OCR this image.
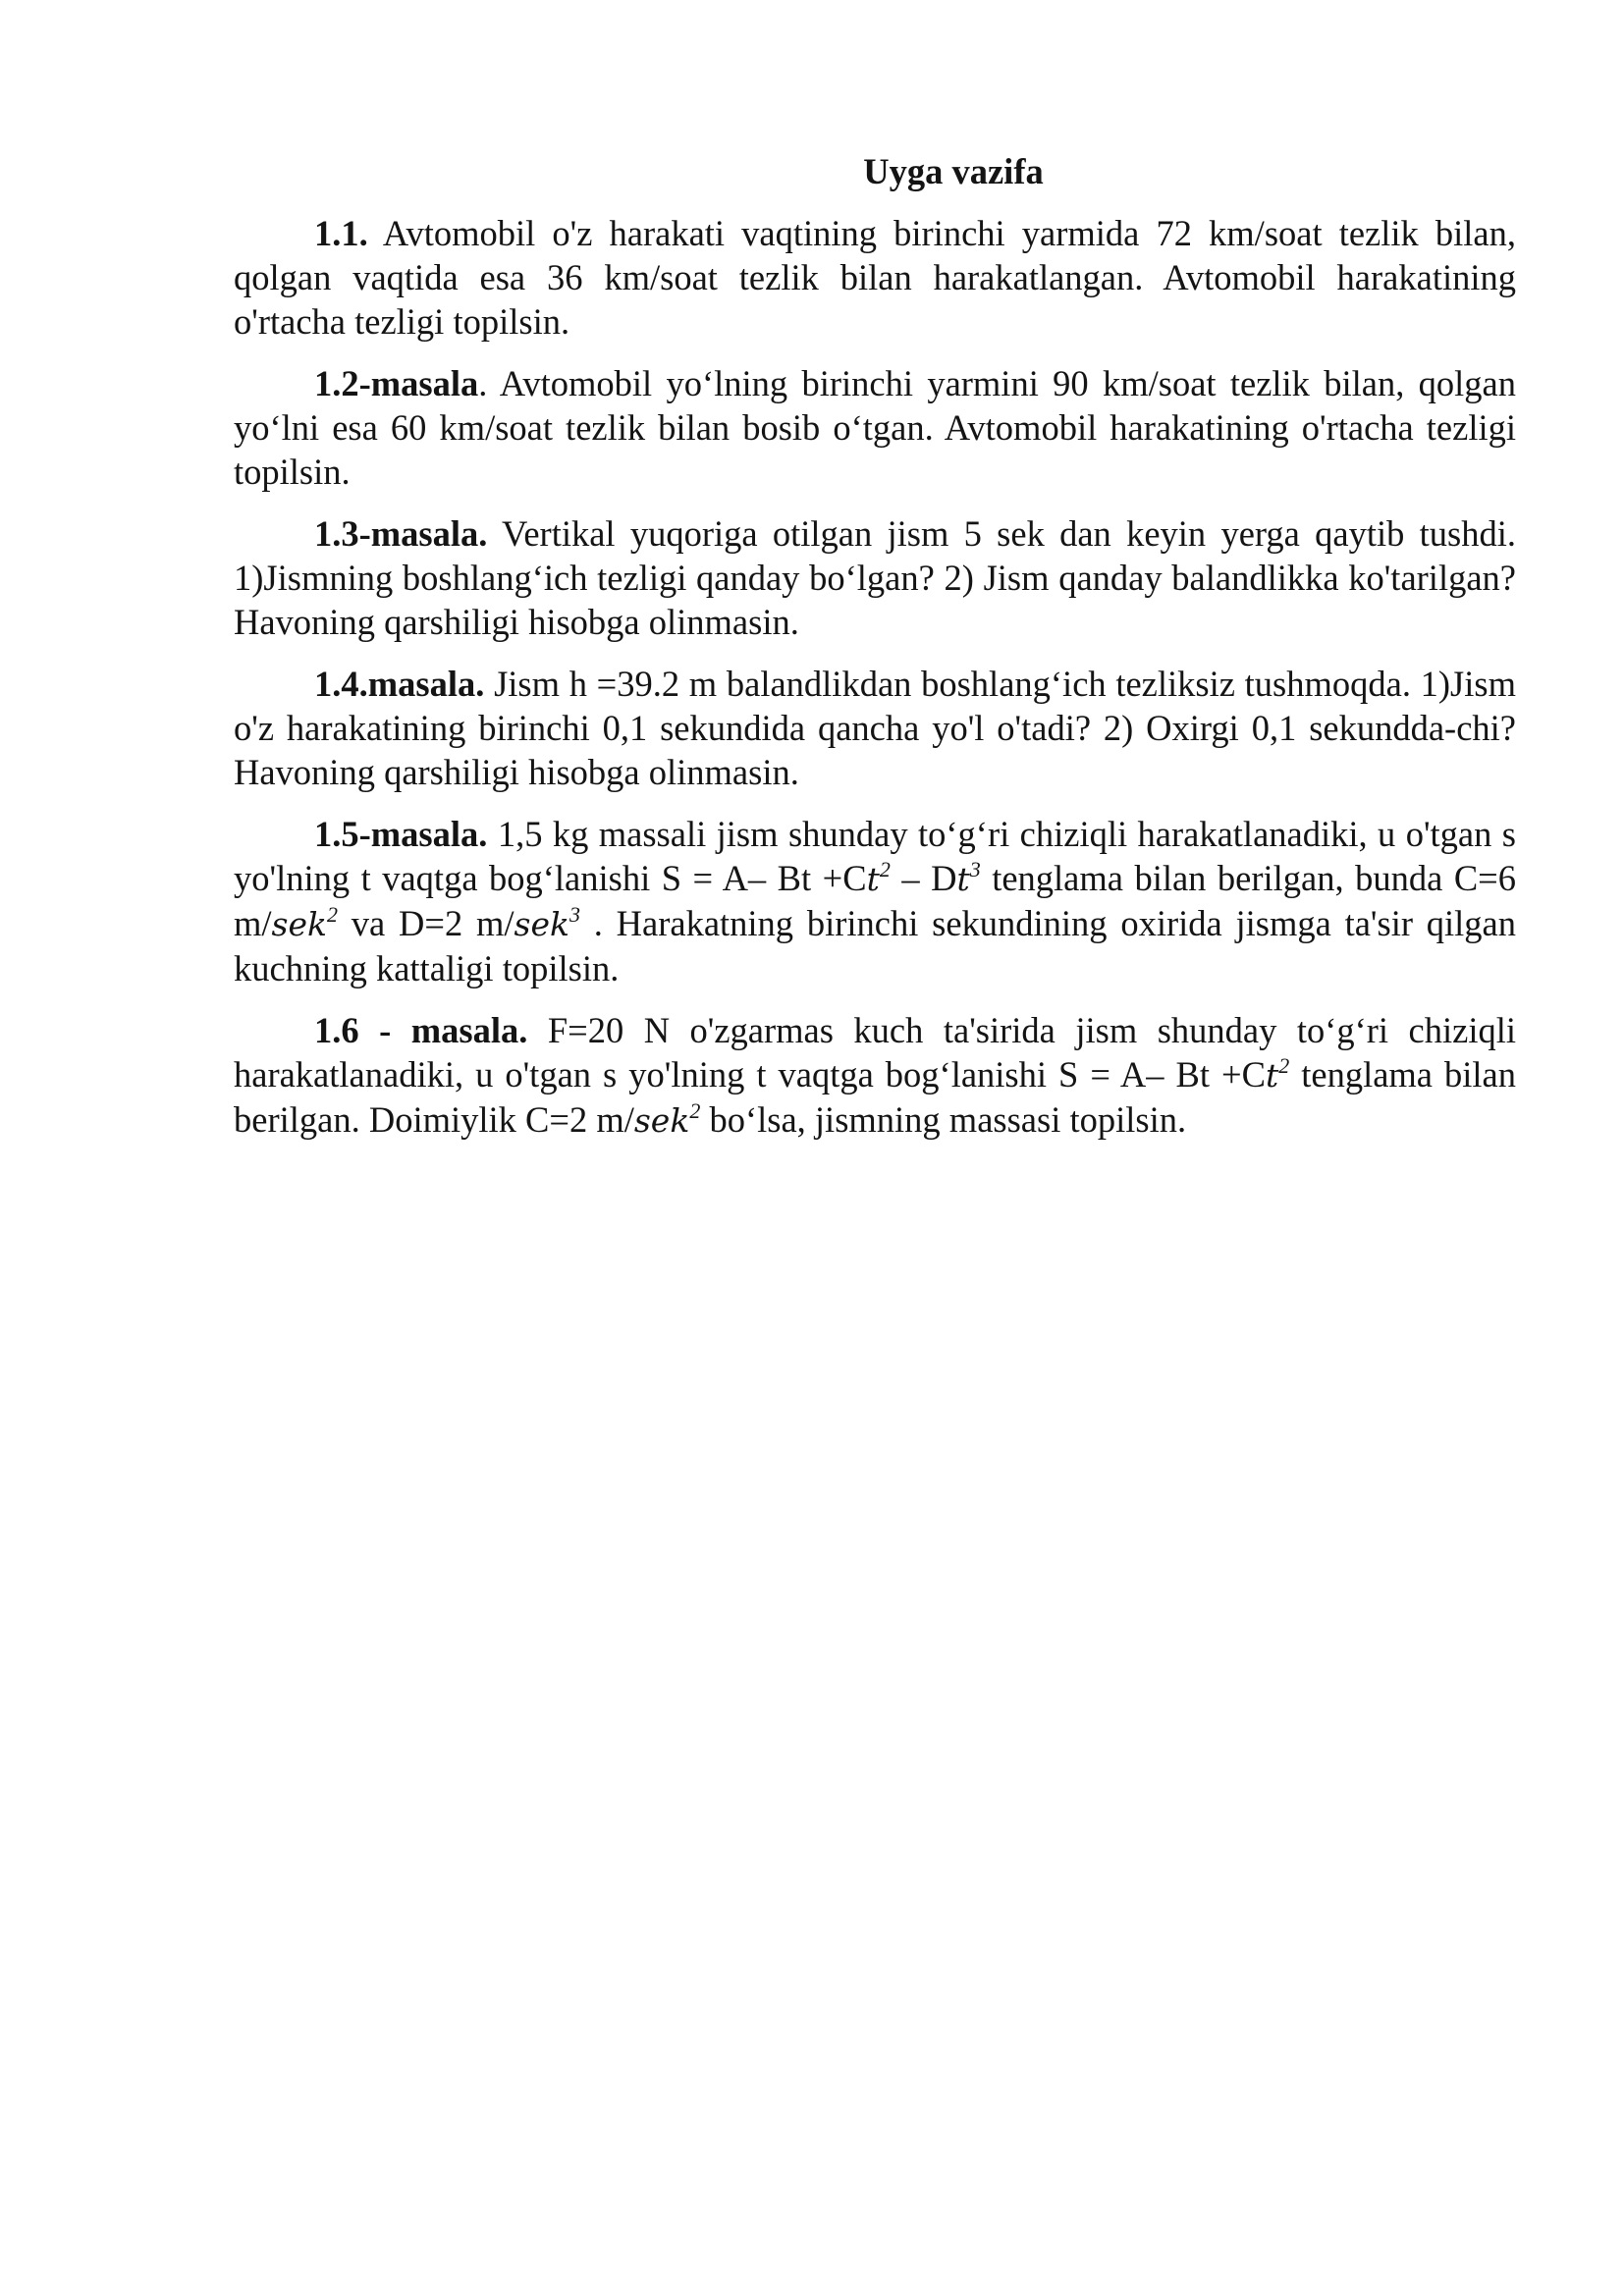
Uyga vazifa

1.1. Avtomobil o'z harakati vaqtining birinchi yarmida 72 km/soat tezlik bilan, qolgan vaqtida esa 36 km/soat tezlik bilan harakatlangan. Avtomobil harakatining o'rtacha tezligi topilsin.

1.2-masala. Avtomobil yo‘lning birinchi yarmini 90 km/soat tezlik bilan, qolgan yo‘lni esa 60 km/soat tezlik bilan bosib o‘tgan. Avtomobil harakatining o'rtacha tezligi topilsin.

1.3-masala. Vertikal yuqoriga otilgan jism 5 sek dan keyin yerga qaytib tushdi. 1)Jismning boshlang‘ich tezligi qanday bo‘lgan? 2) Jism qanday balandlikka ko'tarilgan? Havoning qarshiligi hisobga olinmasin.

1.4.masala. Jism h =39.2 m balandlikdan boshlang‘ich tezliksiz tushmoqda. 1)Jism o'z harakatining birinchi 0,1 sekundida qancha yo'l o'tadi? 2) Oxirgi 0,1 sekundda-chi? Havoning qarshiligi hisobga olinmasin.

1.5-masala. 1,5 kg massali jism shunday to‘g‘ri chiziqli harakatlanadiki, u o'tgan s yo'lning t vaqtga bog‘lanishi S = A– $Bt +Ct^2 - Dt^3$ tenglama bilan berilgan, bunda C=6 m/sek$^2$ va D=2 m/sek$^3$ . Harakatning birinchi sekundining oxirida jismga ta'sir qilgan kuchning kattaligi topilsin.

1.6 - masala. F=20 N o'zgarmas kuch ta'sirida jism shunday to‘g‘ri chiziqli harakatlanadiki, u o'tgan s yo'lning t vaqtga bog‘lanishi S = A– $Bt +Ct^2$ tenglama bilan berilgan. Doimiylik C=2 m/sek$^2$ bo‘lsa, jismning massasi topilsin.
